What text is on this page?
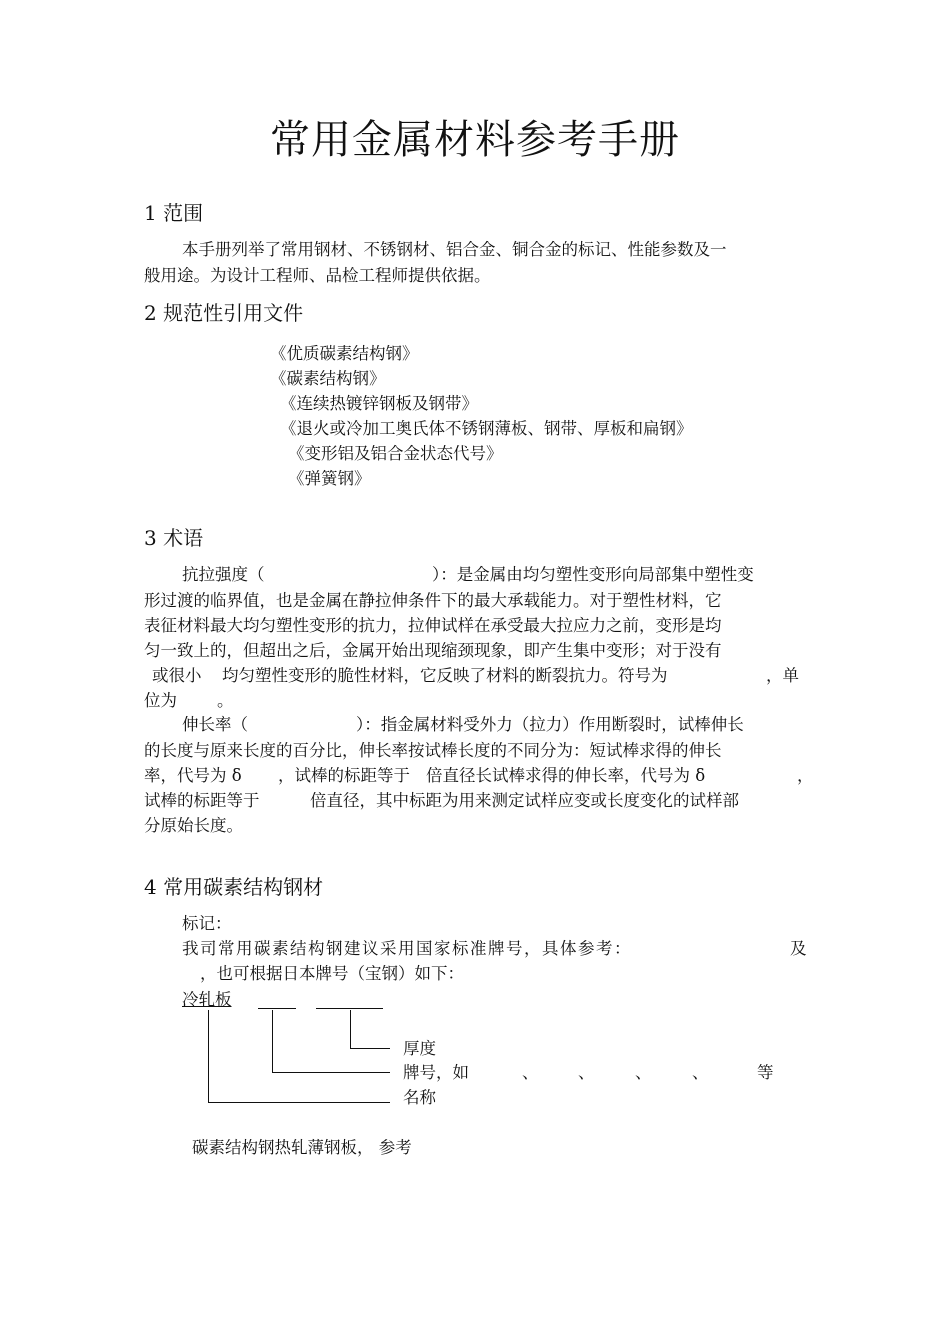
常用金属材料参考手册
1 范围
本手册列举了常用钢材、不锈钢材、铝合金、铜合金的标记、性能参数及一
般用途。为设计工程师、品检工程师提供依据。
2 规范性引用文件
《优质碳素结构钢》
《碳素结构钢》
《连续热镀锌钢板及钢带》
《退火或冷加工奥氏体不锈钢薄板、钢带、厚板和扁钢》
《变形铝及铝合金状态代号》
《弹簧钢》
3 术语
抗拉强度（	）：是金属由均匀塑性变形向局部集中塑性变
形过渡的临界值，也是金属在静拉伸条件下的最大承载能力。对于塑性材料，它
表征材料最大均匀塑性变形的抗力，拉伸试样在承受最大拉应力之前，变形是均
匀一致上的，但超出之后，金属开始出现缩颈现象，即产生集中变形；对于没有
或很小 均匀塑性变形的脆性材料，它反映了材料的断裂抗力。符号为	，单
位为 。
伸长率（	）：指金属材料受外力（拉力）作用断裂时，试棒伸长
的长度与原来长度的百分比，伸长率按试棒长度的不同分为：短试棒求得的伸长
率，代号为 δ ，试棒的标距等于 倍直径长试棒求得的伸长率，代号为 δ	，
试棒的标距等于	倍直径，其中标距为用来测定试样应变或长度变化的试样部
分原始长度。
4 常用碳素结构钢材
标记：
我司常用碳素结构钢建议采用国家标准牌号，具体参考：	及
，也可根据日本牌号（宝钢）如下：
冷轧板
厚度
牌号，如	、 、 、 、	等
名称
碳素结构钢热轧薄钢板， 参考
